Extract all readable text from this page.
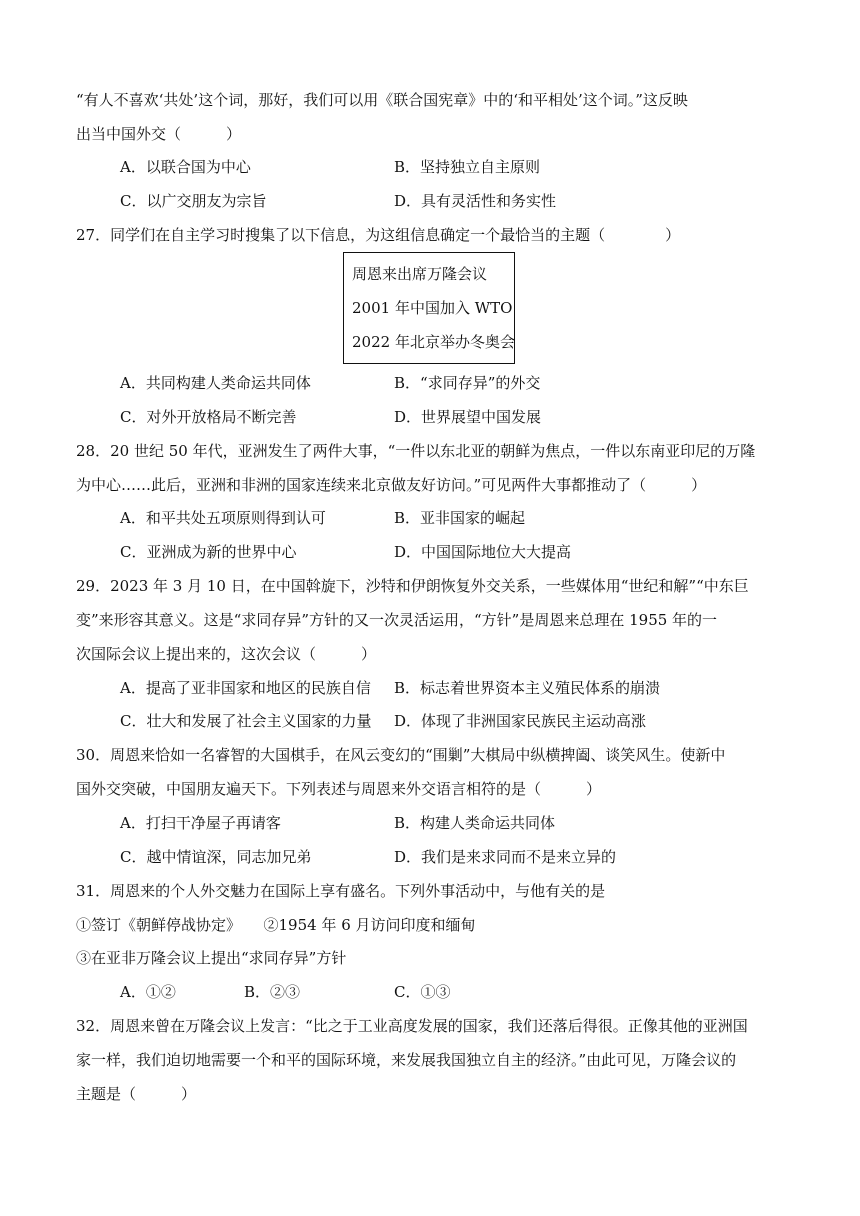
“有人不喜欢‘共处’这个词，那好，我们可以用《联合国宪章》中的‘和平相处’这个词。”这反映
出当中国外交（　　　）
A．以联合国为中心	B．坚持独立自主原则
C．以广交朋友为宗旨	D．具有灵活性和务实性
27．同学们在自主学习时搜集了以下信息，为这组信息确定一个最恰当的主题（　　　　）
周恩来出席万隆会议
2001 年中国加入 WTO
2022 年北京举办冬奥会
A．共同构建人类命运共同体	B．“求同存异”的外交
C．对外开放格局不断完善	D．世界展望中国发展
28．20 世纪 50 年代，亚洲发生了两件大事，“一件以东北亚的朝鲜为焦点，一件以东南亚印尼的万隆
为中心……此后，亚洲和非洲的国家连续来北京做友好访问。”可见两件大事都推动了（　　　）
A．和平共处五项原则得到认可	B．亚非国家的崛起
C．亚洲成为新的世界中心	D．中国国际地位大大提高
29．2023 年 3 月 10 日，在中国斡旋下，沙特和伊朗恢复外交关系，一些媒体用“世纪和解”“中东巨
变”来形容其意义。这是“求同存异”方针的又一次灵活运用，“方针”是周恩来总理在 1955 年的一
次国际会议上提出来的，这次会议（　　　）
A．提高了亚非国家和地区的民族自信 B．标志着世界资本主义殖民体系的崩溃
C．壮大和发展了社会主义国家的力量 D．体现了非洲国家民族民主运动高涨
30．周恩来恰如一名睿智的大国棋手，在风云变幻的“围剿”大棋局中纵横捭阖、谈笑风生。使新中
国外交突破，中国朋友遍天下。下列表述与周恩来外交语言相符的是（　　　）
A．打扫干净屋子再请客	B．构建人类命运共同体
C．越中情谊深，同志加兄弟	D．我们是来求同而不是来立异的
31．周恩来的个人外交魅力在国际上享有盛名。下列外事活动中，与他有关的是
①签订《朝鲜停战协定》　　②1954 年 6 月访问印度和缅甸
③在亚非万隆会议上提出“求同存异”方针
A．①②	B．②③	C．①③
32．周恩来曾在万隆会议上发言：“比之于工业高度发展的国家，我们还落后得很。正像其他的亚洲国
家一样，我们迫切地需要一个和平的国际环境，来发展我国独立自主的经济。”由此可见，万隆会议的
主题是（　　　）
